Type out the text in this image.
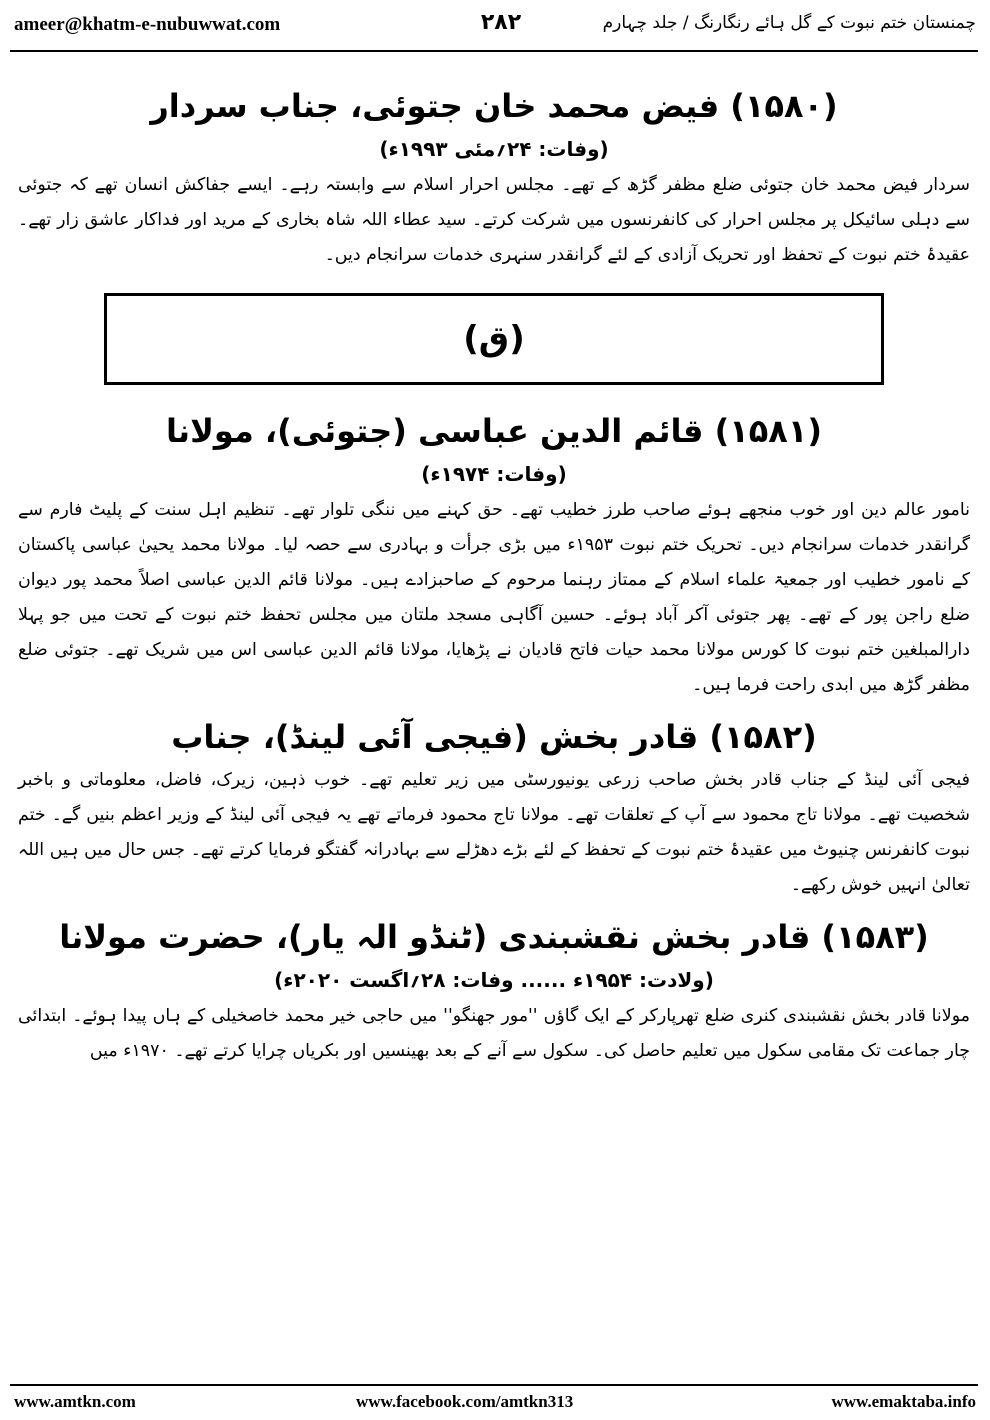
ameer@khatm-e-nubuwwat.com	۲۸۲	چمنستان ختم نبوت کے گل ہائے رنگارنگ / جلد چہارم
(۱۵۸۰) فیض محمد خان جتوئی، جناب سردار
(وفات: ۲۴؍مئی ۱۹۹۳ء)

سردار فیض محمد خان جتوئی ضلع مظفر گڑھ کے تھے۔ مجلس احرار اسلام سے وابستہ رہے۔ ایسے جفاکش انسان تھے کہ جتوئی سے دہلی سائیکل پر مجلس احرار کی کانفرنسوں میں شرکت کرتے۔ سید عطاء اللہ شاہ بخاری کے مرید اور فداکار عاشق زار تھے۔ عقیدۂ ختم نبوت کے تحفظ اور تحریک آزادی کے لئے گرانقدر سنہری خدمات سرانجام دیں۔

(ق)
(۱۵۸۱) قائم الدین عباسی (جتوئی)، مولانا
(وفات: ۱۹۷۴ء)

نامور عالم دین اور خوب منجھے ہوئے صاحب طرز خطیب تھے۔ حق کہنے میں ننگی تلوار تھے۔ تنظیم اہل سنت کے پلیٹ فارم سے گرانقدر خدمات سرانجام دیں۔ تحریک ختم نبوت ۱۹۵۳ء میں بڑی جرأت و بہادری سے حصہ لیا۔ مولانا محمد یحییٰ عباسی پاکستان کے نامور خطیب اور جمعیۃ علماء اسلام کے ممتاز رہنما مرحوم کے صاحبزادے ہیں۔ مولانا قائم الدین عباسی اصلاً محمد پور دیوان ضلع راجن پور کے تھے۔ پھر جتوئی آکر آباد ہوئے۔ حسین آگاہی مسجد ملتان میں مجلس تحفظ ختم نبوت کے تحت میں جو پہلا دارالمبلغین ختم نبوت کا کورس مولانا محمد حیات فاتح قادیان نے پڑھایا، مولانا قائم الدین عباسی اس میں شریک تھے۔ جتوئی ضلع مظفر گڑھ میں ابدی راحت فرما ہیں۔

(۱۵۸۲) قادر بخش (فیجی آئی لینڈ)، جناب

فیجی آئی لینڈ کے جناب قادر بخش صاحب زرعی یونیورسٹی میں زیر تعلیم تھے۔ خوب ذہین، زیرک، فاضل، معلوماتی و باخبر شخصیت تھے۔ مولانا تاج محمود سے آپ کے تعلقات تھے۔ مولانا تاج محمود فرماتے تھے یہ فیجی آئی لینڈ کے وزیر اعظم بنیں گے۔ ختم نبوت کانفرنس چنیوٹ میں عقیدۂ ختم نبوت کے تحفظ کے لئے بڑے دھڑلے سے بہادرانہ گفتگو فرمایا کرتے تھے۔ جس حال میں ہیں اللہ تعالیٰ انہیں خوش رکھے۔

(۱۵۸۳) قادر بخش نقشبندی (ٹنڈو الہ یار)، حضرت مولانا
(ولادت: ۱۹۵۴ء ...... وفات: ۲۸؍اگست ۲۰۲۰ء)

مولانا قادر بخش نقشبندی کنری ضلع تھرپارکر کے ایک گاؤں ''مور جھنگو'' میں حاجی خیر محمد خاصخیلی کے ہاں پیدا ہوئے۔ ابتدائی چار جماعت تک مقامی سکول میں تعلیم حاصل کی۔ سکول سے آنے کے بعد بھینسیں اور بکریاں چرایا کرتے تھے۔ ۱۹۷۰ء میں

www.amtkn.com	www.facebook.com/amtkn313	www.emaktaba.info
